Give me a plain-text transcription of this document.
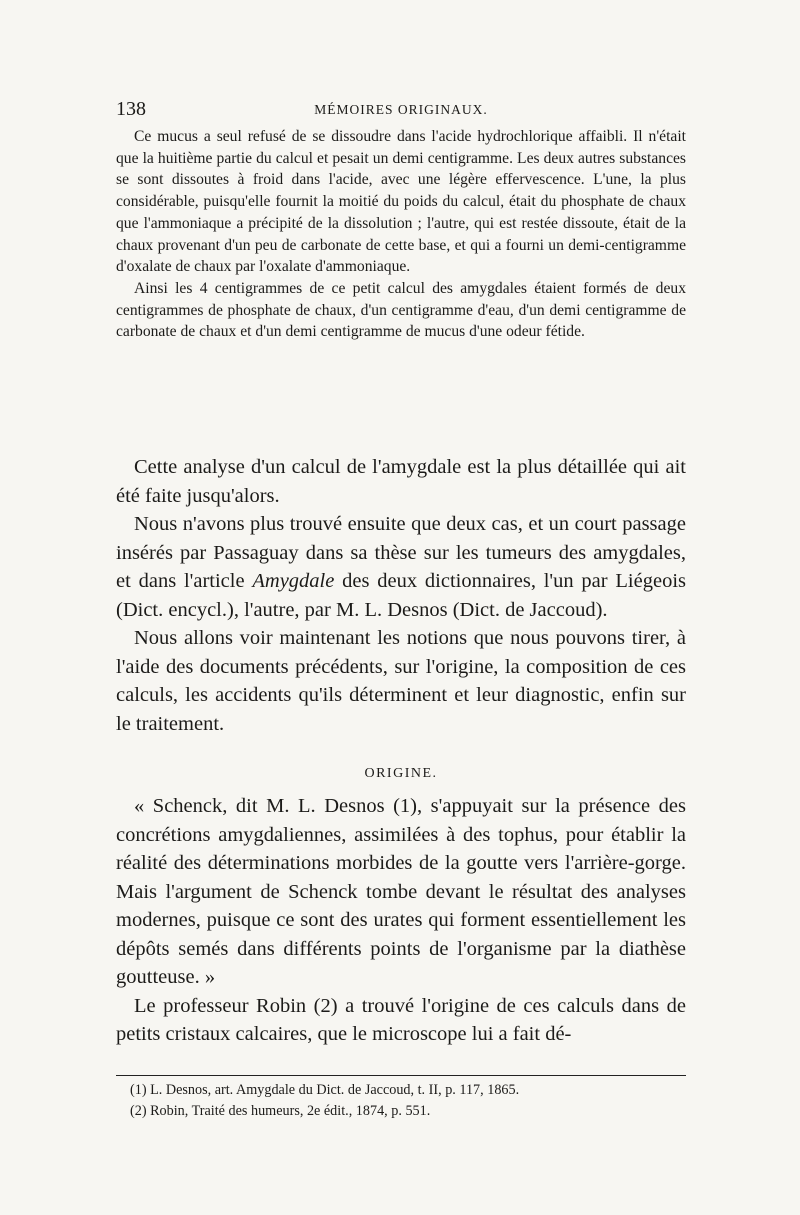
138	MÉMOIRES ORIGINAUX.

Ce mucus a seul refusé de se dissoudre dans l'acide hydrochlorique affaibli. Il n'était que la huitième partie du calcul et pesait un demi centigramme. Les deux autres substances se sont dissoutes à froid dans l'acide, avec une légère effervescence. L'une, la plus considérable, puisqu'elle fournit la moitié du poids du calcul, était du phosphate de chaux que l'ammoniaque a précipité de la dissolution ; l'autre, qui est restée dissoute, était de la chaux provenant d'un peu de carbonate de cette base, et qui a fourni un demi-centigramme d'oxalate de chaux par l'oxalate d'ammoniaque.

Ainsi les 4 centigrammes de ce petit calcul des amygdales étaient formés de deux centigrammes de phosphate de chaux, d'un centigramme d'eau, d'un demi centigramme de carbonate de chaux et d'un demi centigramme de mucus d'une odeur fétide.

Cette analyse d'un calcul de l'amygdale est la plus détaillée qui ait été faite jusqu'alors.

Nous n'avons plus trouvé ensuite que deux cas, et un court passage insérés par Passaguay dans sa thèse sur les tumeurs des amygdales, et dans l'article Amygdale des deux dictionnaires, l'un par Liégeois (Dict. encycl.), l'autre, par M. L. Desnos (Dict. de Jaccoud).

Nous allons voir maintenant les notions que nous pouvons tirer, à l'aide des documents précédents, sur l'origine, la composition de ces calculs, les accidents qu'ils déterminent et leur diagnostic, enfin sur le traitement.

ORIGINE.

« Schenck, dit M. L. Desnos (1), s'appuyait sur la présence des concrétions amygdaliennes, assimilées à des tophus, pour établir la réalité des déterminations morbides de la goutte vers l'arrière-gorge. Mais l'argument de Schenck tombe devant le résultat des analyses modernes, puisque ce sont des urates qui forment essentiellement les dépôts semés dans différents points de l'organisme par la diathèse goutteuse. »

Le professeur Robin (2) a trouvé l'origine de ces calculs dans de petits cristaux calcaires, que le microscope lui a fait dé-

(1) L. Desnos, art. Amygdale du Dict. de Jaccoud, t. II, p. 117, 1865.
(2) Robin, Traité des humeurs, 2e édit., 1874, p. 551.
